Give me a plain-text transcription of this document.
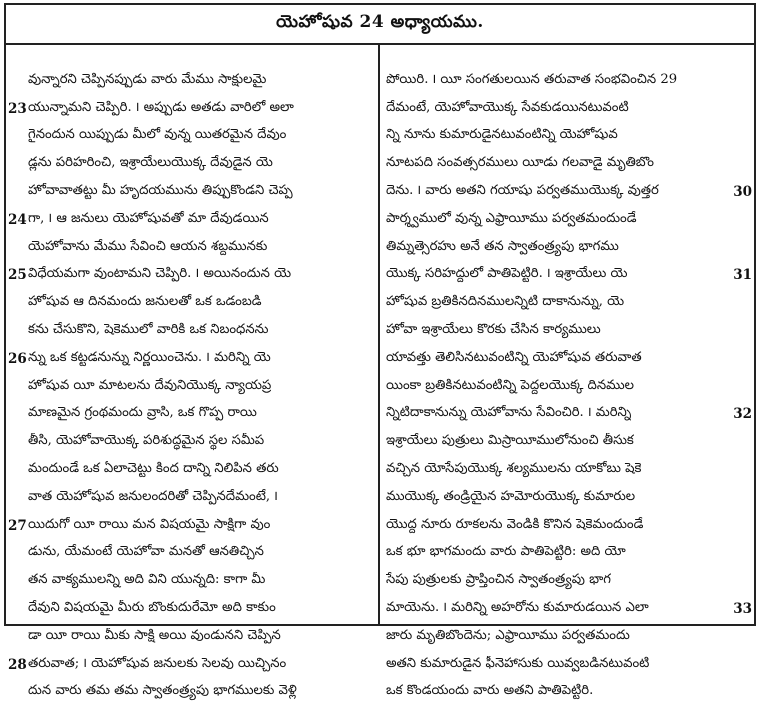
యెహోషువ 24 అధ్యాయము.
వున్నారని చెప్పినప్పుడు వారు మేము సాక్షులమై
యున్నామని చెప్పిరి. ౹ అప్పుడు అతడు వారిలో అలా
23
గైనందున యిప్పుడు మీలో వున్న యితరమైన దేవుం
డ్లను పరిహరించి, ఇశ్రాయేలుయొక్క దేవుడైన యె
హోవావాతట్టు మీ హృదయమును తిప్పుకొండని చెప్ప
గా, ౹ ఆ జనులు యెహోషువతో మా దేవుడయిన
24
యెహోవాను మేము సేవించి ఆయన శబ్దమునకు
విధేయమగా వుంటామని చెప్పిరి. ౹ అయినందున యె
25
హోషువ ఆ దినమందు జనులతో ఒక ఒడంబడి
కను చేసుకొని, షెకెములో వారికి ఒక నిబంధనను
న్ను ఒక కట్టడనున్ను నిర్ణయించెను. ౹ మరిన్ని యె
26
హోషువ యీ మాటలను దేవునియొక్క న్యాయప్ర
మాణమైన గ్రంథమందు వ్రాసి, ఒక గొప్ప రాయి
తీసి, యెహోవాయొక్క పరిశుద్ధమైన స్థల సమీప
మందుండే ఒక ఏలాచెట్టు కింద దాన్ని నిలిపిన తరు
వాత యెహోషువ జనులందరితో చెప్పినదేమంటే, ౹
యిదుగో యీ రాయి మన విషయమై సాక్షిగా వుం
27
డును, యేమంటే యెహోవా మనతో ఆనతిచ్చిన
తన వాక్యములన్ని అది విని యున్నది: కాగా మీ
దేవుని విషయమై మీరు బొంకుదురేమో అది కాకుం
డా యీ రాయి మీకు సాక్షి అయి వుండునని చెప్పిన
తరువాత; ౹ యెహోషువ జనులకు సెలవు యిచ్చినం
28
దున వారు తమ తమ స్వాతంత్ర్యపు భాగములకు వెళ్లి
పోయిరి. ౹ యీ సంగతులయిన తరువాత సంభవించిన 29
దేమంటే, యెహోవాయొక్క సేవకుడయినటువంటి
న్ని నూను కుమారుడైనటువంటిన్ని యెహోషువ
నూటపది సంవత్సరములు యీడు గలవాడై మృతిబొం
దెను. ౹ వారు అతని గయాషు పర్వతముయొక్క వుత్తర	30
పార్శ్వములో వున్న ఎఫ్రాయీము పర్వతమందుండే
తిమ్నత్సెరహు అనే తన స్వాతంత్ర్యపు భాగము
యొక్క సరిహద్దులో పాతిపెట్టిరి. ౹ ఇశ్రాయేలు యె	31
హోషువ బ్రతికినదినములన్నిటి దాకానున్ను, యె
హోవా ఇశ్రాయేలు కొరకు చేసిన కార్యములు
యావత్తు తెలిసినటువంటిన్ని యెహోషువ తరువాత
యింకా బ్రతికినటువంటిన్ని పెద్దలయొక్క దినముల
న్నిటిదాకానున్ను యెహోవాను సేవించిరి. ౹ మరిన్ని	32
ఇశ్రాయేలు పుత్రులు మిస్రాయీములోనుంచి తీసుక
వచ్చిన యోసేపుయొక్క శల్యములను యాకోబు షెకె
ముయొక్క తండ్రియైన హమోరుయొక్క కుమారుల
యొద్ద నూరు రూకలను వెండికి కొనిన షెకెమందుండే
ఒక భూ భాగమందు వారు పాతిపెట్టిరి: అది యో
సేపు పుత్రులకు ప్రాప్తించిన స్వాతంత్ర్యపు భాగ
మాయెను. ౹ మరిన్ని అహరోను కుమారుడయిన ఎలా	33
జారు మృతిబొందెను; ఎఫ్రాయీము పర్వతమందు
అతని కుమారుడైన ఫీనెహాసుకు యివ్వబడినటువంటి
ఒక కొండయందు వారు అతని పాతిపెట్టిరి.
